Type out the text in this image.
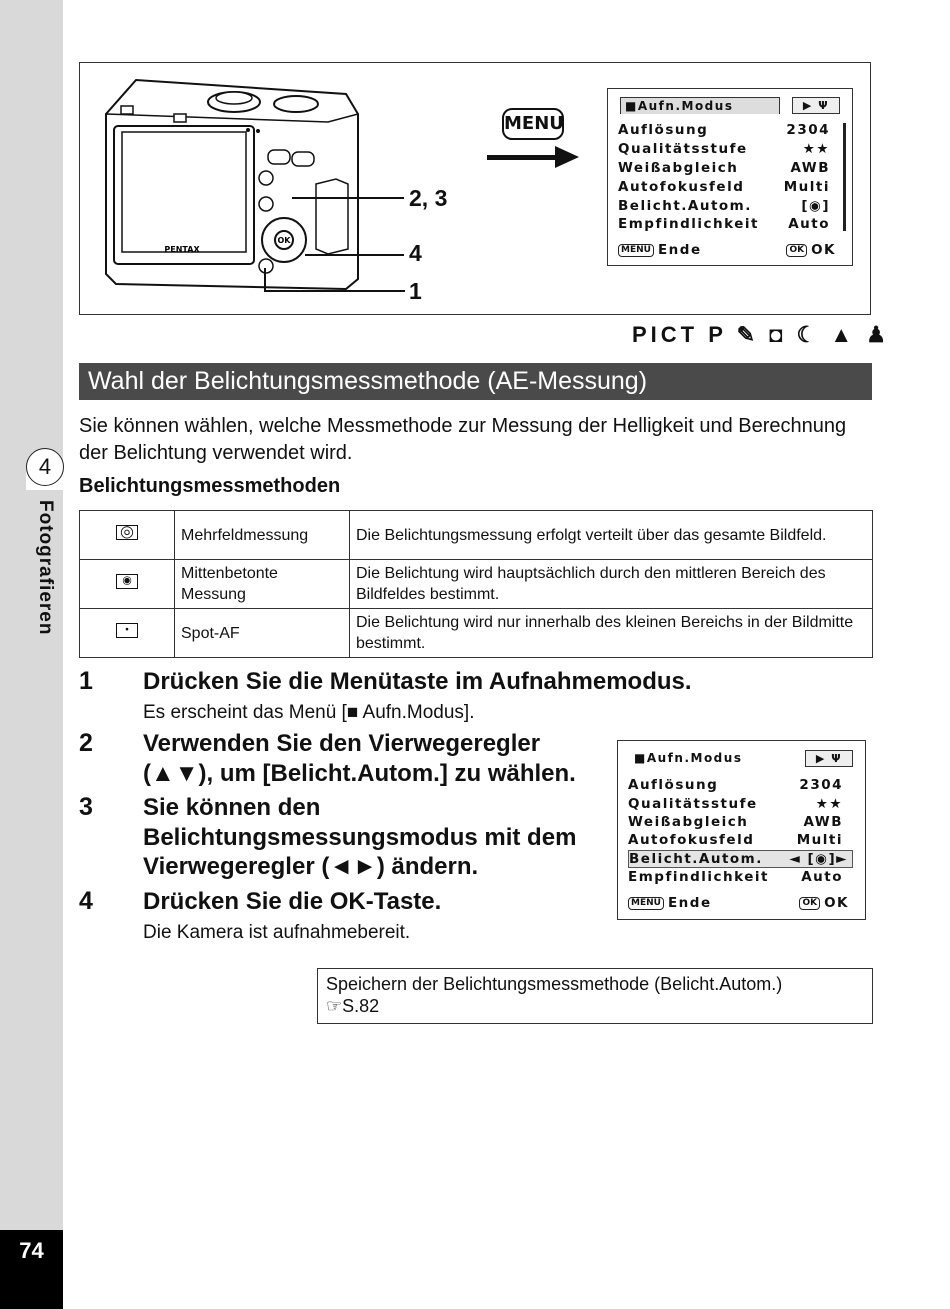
4
Fotografieren
74
OK
PENTAX
2, 3
4
1
MENU
■Aufn.Modus	▶ Ψ
Auflösung	2304
Qualitätsstufe	★★
Weißabgleich	AWB
Autofokusfeld	Multi
Belicht.Autom.	[◉]
Empfindlichkeit Auto
MENU Ende	OK OK
PICT P ✎ ◘ ☾ ▲ ♟
Wahl der Belichtungsmessmethode (AE-Messung)
Sie können wählen, welche Messmethode zur Messung der Helligkeit und Berechnung der Belichtung verwendet wird.
Belichtungsmessmethoden
◎	Mehrfeldmessung	Die Belichtungsmessung erfolgt verteilt über das gesamte Bildfeld.

◉	Mittenbetonte Messung	Die Belichtung wird hauptsächlich durch den mittleren Bereich des Bildfeldes bestimmt.

•	Spot-AF	Die Belichtung wird nur innerhalb des kleinen Bereichs in der Bildmitte bestimmt.
1 Drücken Sie die Menütaste im Aufnahmemodus.
Es erscheint das Menü [■ Aufn.Modus].
2 Verwenden Sie den Vierwegeregler
(▲▼), um [Belicht.Autom.] zu wählen.
3 Sie können den
Belichtungsmessungsmodus mit dem
Vierwegeregler (◄►) ändern.
4 Drücken Sie die OK-Taste.
Die Kamera ist aufnahmebereit.
■Aufn.Modus	▶ Ψ
Auflösung	2304
Qualitätsstufe	★★
Weißabgleich	AWB
Autofokusfeld	Multi
Belicht.Autom. ◄ [◉]►
Empfindlichkeit Auto
MENU Ende	OK OK
Speichern der Belichtungsmessmethode (Belicht.Autom.)
☞S.82
